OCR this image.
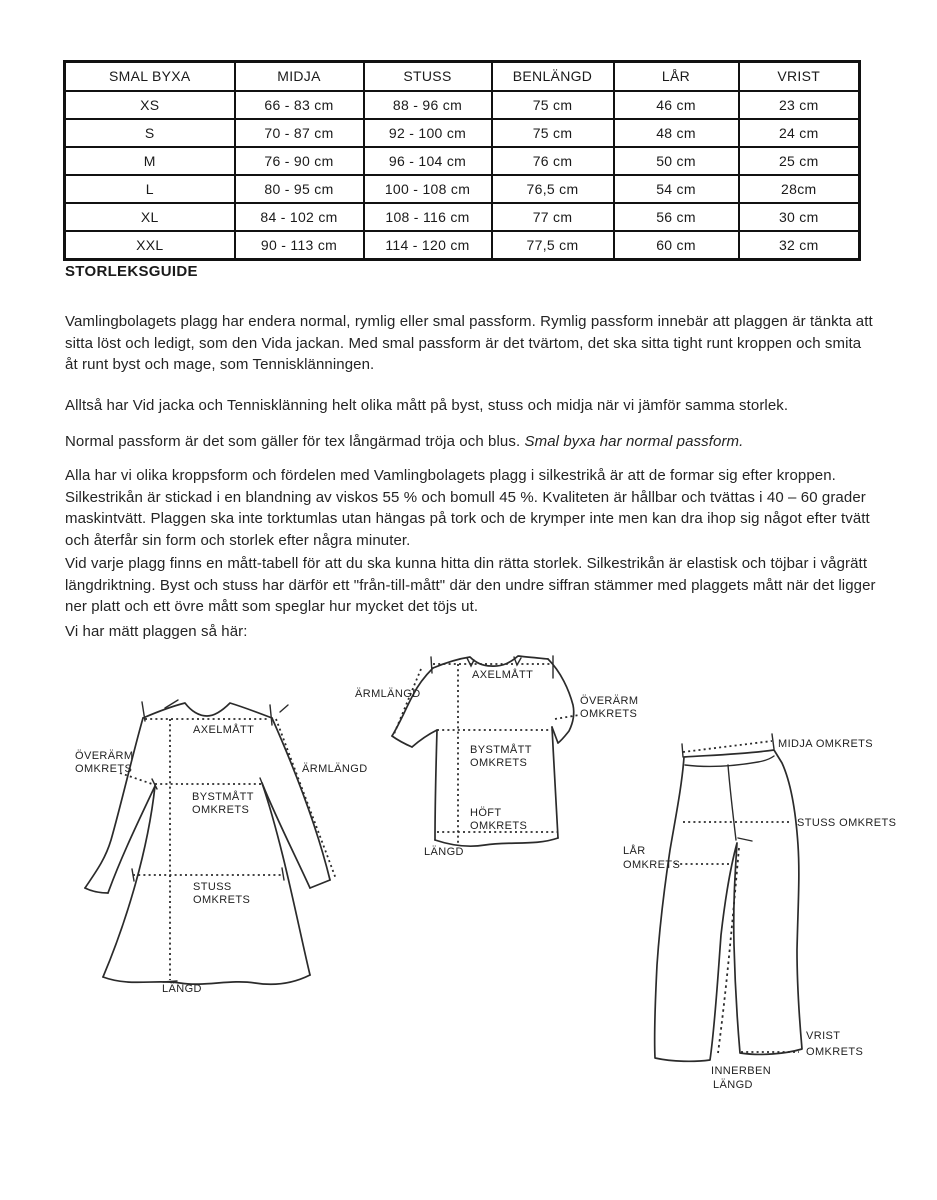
SMAL BYXA	MIDJA	STUSS	BENLÄNGD	LÅR	VRIST
XS	66 - 83 cm	88 - 96 cm	75 cm	46 cm	23 cm
S	70 - 87 cm	92 - 100 cm	75 cm	48 cm	24 cm
M	76 - 90 cm	96 - 104 cm	76 cm	50 cm	25 cm
L	80 - 95 cm	100 - 108 cm	76,5 cm	54 cm	28cm
XL	84 - 102 cm	108 - 116 cm	77 cm	56 cm	30 cm
XXL	90 - 113 cm	114 - 120 cm	77,5 cm	60 cm	32 cm
STORLEKSGUIDE

Vamlingbolagets plagg har endera normal, rymlig eller smal passform. Rymlig passform innebär att plaggen är tänkta att sitta löst och ledigt, som den Vida jackan. Med smal passform är det tvärtom, det ska sitta tight runt kroppen och smita åt runt byst och mage, som Tennisklänningen.

Alltså har Vid jacka och Tennisklänning helt olika mått på byst, stuss och midja när vi jämför samma storlek.

Normal passform är det som gäller för tex långärmad tröja och blus. Smal byxa har normal passform.

Alla har vi olika kroppsform och fördelen med Vamlingbolagets plagg i silkestrikå är att de formar sig efter kroppen. Silkestrikån är stickad i en blandning av viskos 55 % och bomull 45 %. Kvaliteten är hållbar och tvättas i 40 – 60 grader maskintvätt. Plaggen ska inte torktumlas utan hängas på tork och de krymper inte men kan dra ihop sig något efter tvätt och återfår sin form och storlek efter några minuter.

Vid varje plagg finns en mått-tabell för att du ska kunna hitta din rätta storlek. Silkestrikån är elastisk och töjbar i vågrätt längdriktning. Byst och stuss har därför ett "från-till-mått" där den undre siffran stämmer med plaggets mått när det ligger ner platt och ett övre mått som speglar hur mycket det töjs ut.

Vi har mätt plaggen så här:

ÖVERÄRM
OMKRETS
AXELMÅTT
ÄRMLÄNGD
BYSTMÅTT
OMKRETS
STUSS
OMKRETS
LÄNGD
ÄRMLÄNGD
AXELMÅTT
ÖVERÄRM
OMKRETS
BYSTMÅTT
OMKRETS
HÖFT
OMKRETS
LÄNGD
MIDJA OMKRETS
STUSS OMKRETS
LÅR
OMKRETS
VRIST
OMKRETS
INNERBEN
LÄNGD
